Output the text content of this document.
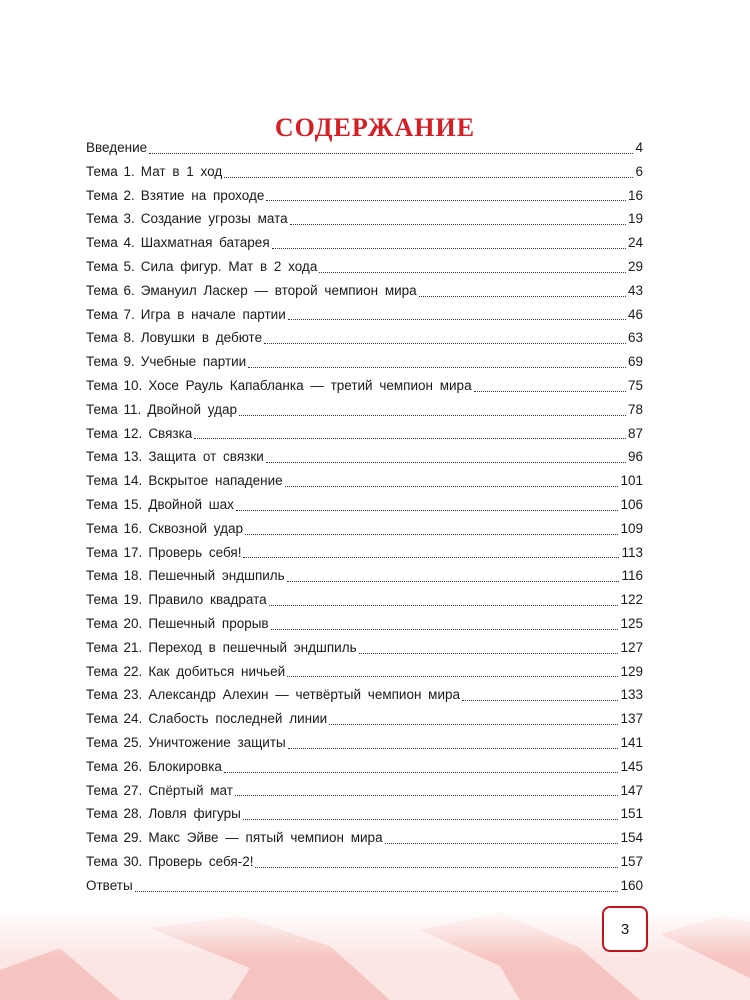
СОДЕРЖАНИЕ
Введение	4
Тема 1. Мат в 1 ход	6
Тема 2. Взятие на проходе	16
Тема 3. Создание угрозы мата	19
Тема 4. Шахматная батарея	24
Тема 5. Сила фигур. Мат в 2 хода	29
Тема 6. Эмануил Ласкер — второй чемпион мира	43
Тема 7. Игра в начале партии	46
Тема 8. Ловушки в дебюте	63
Тема 9. Учебные партии	69
Тема 10. Хосе Рауль Капабланка — третий чемпион мира	75
Тема 11. Двойной удар	78
Тема 12. Связка	87
Тема 13. Защита от связки	96
Тема 14. Вскрытое нападение	101
Тема 15. Двойной шах	106
Тема 16. Сквозной удар	109
Тема 17. Проверь себя!	113
Тема 18. Пешечный эндшпиль	116
Тема 19. Правило квадрата	122
Тема 20. Пешечный прорыв	125
Тема 21. Переход в пешечный эндшпиль	127
Тема 22. Как добиться ничьей	129
Тема 23. Александр Алехин — четвёртый чемпион мира	133
Тема 24. Слабость последней линии	137
Тема 25. Уничтожение защиты	141
Тема 26. Блокировка	145
Тема 27. Спёртый мат	147
Тема 28. Ловля фигуры	151
Тема 29. Макс Эйве — пятый чемпион мира	154
Тема 30. Проверь себя-2!	157
Ответы	160
3
